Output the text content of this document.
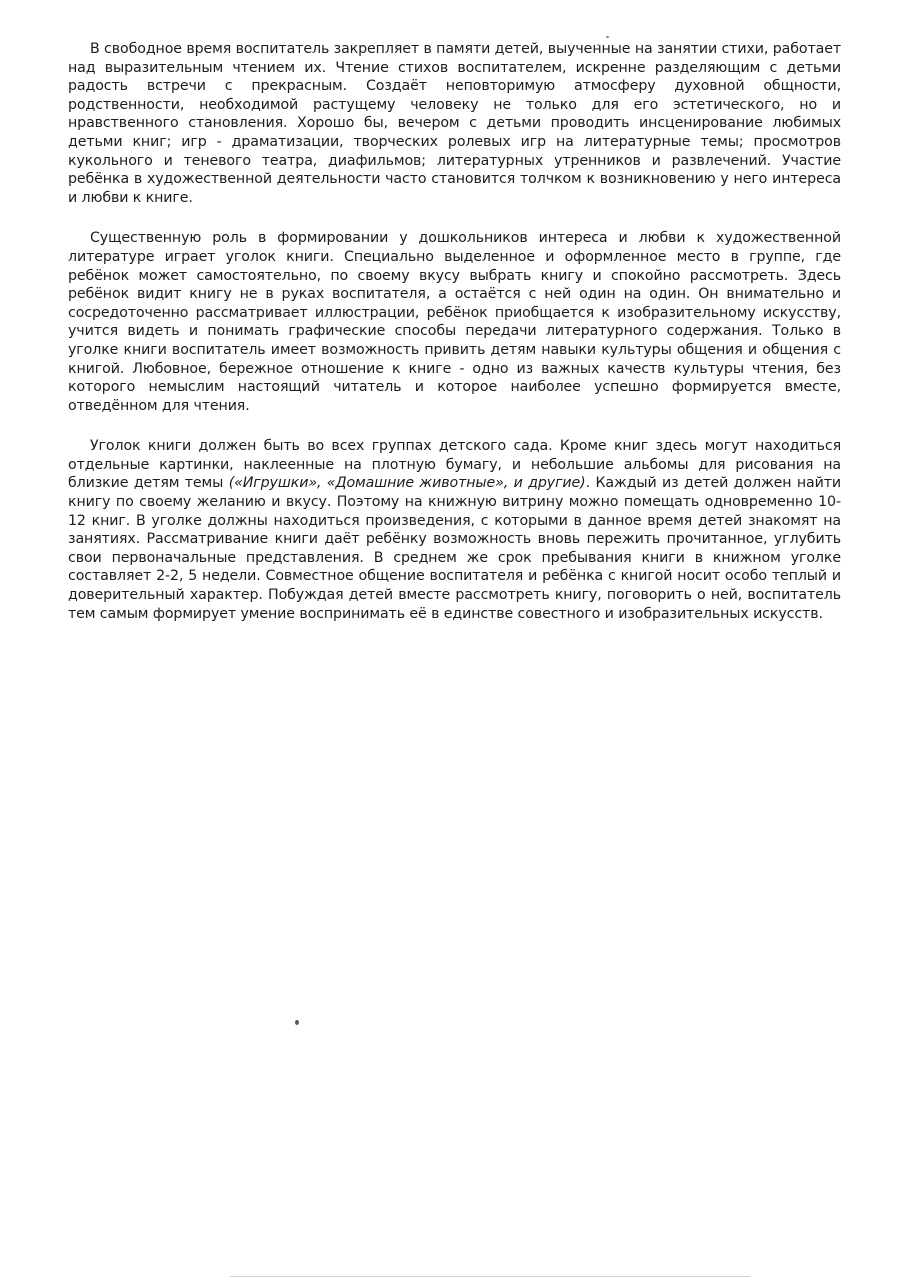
В свободное время воспитатель закрепляет в памяти детей, выученные на занятии стихи, работает над выразительным чтением их. Чтение стихов воспитателем, искренне разделяющим с детьми радость встречи с прекрасным. Создаёт неповторимую атмосферу духовной общности, родственности, необходимой растущему человеку не только для его эстетического, но и нравственного становления. Хорошо бы, вечером с детьми проводить инсценирование любимых детьми книг; игр - драматизации, творческих ролевых игр на литературные темы; просмотров кукольного и теневого театра, диафильмов; литературных утренников и развлечений. Участие ребёнка в художественной деятельности часто становится толчком к возникновению у него интереса и любви к книге.

Существенную роль в формировании у дошкольников интереса и любви к художественной литературе играет уголок книги. Специально выделенное и оформленное место в группе, где ребёнок может самостоятельно, по своему вкусу выбрать книгу и спокойно рассмотреть. Здесь ребёнок видит книгу не в руках воспитателя, а остаётся с ней один на один. Он внимательно и сосредоточенно рассматривает иллюстрации, ребёнок приобщается к изобразительному искусству, учится видеть и понимать графические способы передачи литературного содержания. Только в уголке книги воспитатель имеет возможность привить детям навыки культуры общения и общения с книгой. Любовное, бережное отношение к книге - одно из важных качеств культуры чтения, без которого немыслим настоящий читатель и которое наиболее успешно формируется вместе, отведённом для чтения.

Уголок книги должен быть во всех группах детского сада. Кроме книг здесь могут находиться отдельные картинки, наклеенные на плотную бумагу, и небольшие альбомы для рисования на близкие детям темы («Игрушки», «Домашние животные», и другие). Каждый из детей должен найти книгу по своему желанию и вкусу. Поэтому на книжную витрину можно помещать одновременно 10-12 книг. В уголке должны находиться произведения, с которыми в данное время детей знакомят на занятиях. Рассматривание книги даёт ребёнку возможность вновь пережить прочитанное, углубить свои первоначальные представления. В среднем же срок пребывания книги в книжном уголке составляет 2-2, 5 недели. Совместное общение воспитателя и ребёнка с книгой носит особо теплый и доверительный характер. Побуждая детей вместе рассмотреть книгу, поговорить о ней, воспитатель тем самым формирует умение воспринимать её в единстве совестного и изобразительных искусств.
